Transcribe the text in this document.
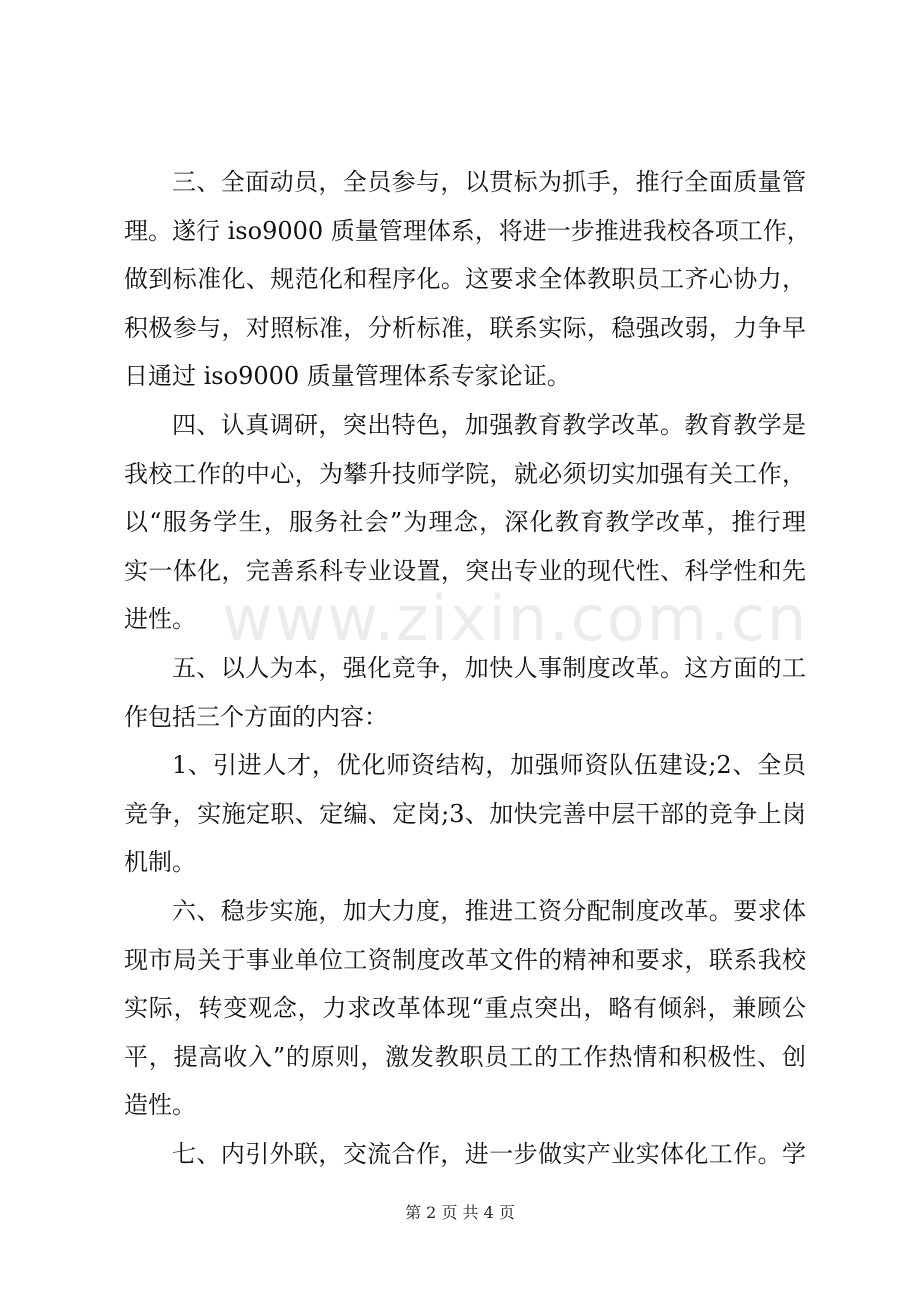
www.zixin.com.cn
三、全面动员，全员参与，以贯标为抓手，推行全面质量管
理。遂行 iso9000 质量管理体系，将进一步推进我校各项工作，
做到标准化、规范化和程序化。这要求全体教职员工齐心协力，
积极参与，对照标准，分析标准，联系实际，稳强改弱，力争早
日通过 iso9000 质量管理体系专家论证。
四、认真调研，突出特色，加强教育教学改革。教育教学是
我校工作的中心，为攀升技师学院，就必须切实加强有关工作，
以“服务学生，服务社会”为理念，深化教育教学改革，推行理
实一体化，完善系科专业设置，突出专业的现代性、科学性和先
进性。
五、以人为本，强化竞争，加快人事制度改革。这方面的工
作包括三个方面的内容：
1、引进人才，优化师资结构，加强师资队伍建设;2、全员
竞争，实施定职、定编、定岗;3、加快完善中层干部的竞争上岗
机制。
六、稳步实施，加大力度，推进工资分配制度改革。要求体
现市局关于事业单位工资制度改革文件的精神和要求，联系我校
实际，转变观念，力求改革体现“重点突出，略有倾斜，兼顾公
平，提高收入”的原则，激发教职员工的工作热情和积极性、创
造性。
七、内引外联，交流合作，进一步做实产业实体化工作。学
第 2 页 共 4 页
